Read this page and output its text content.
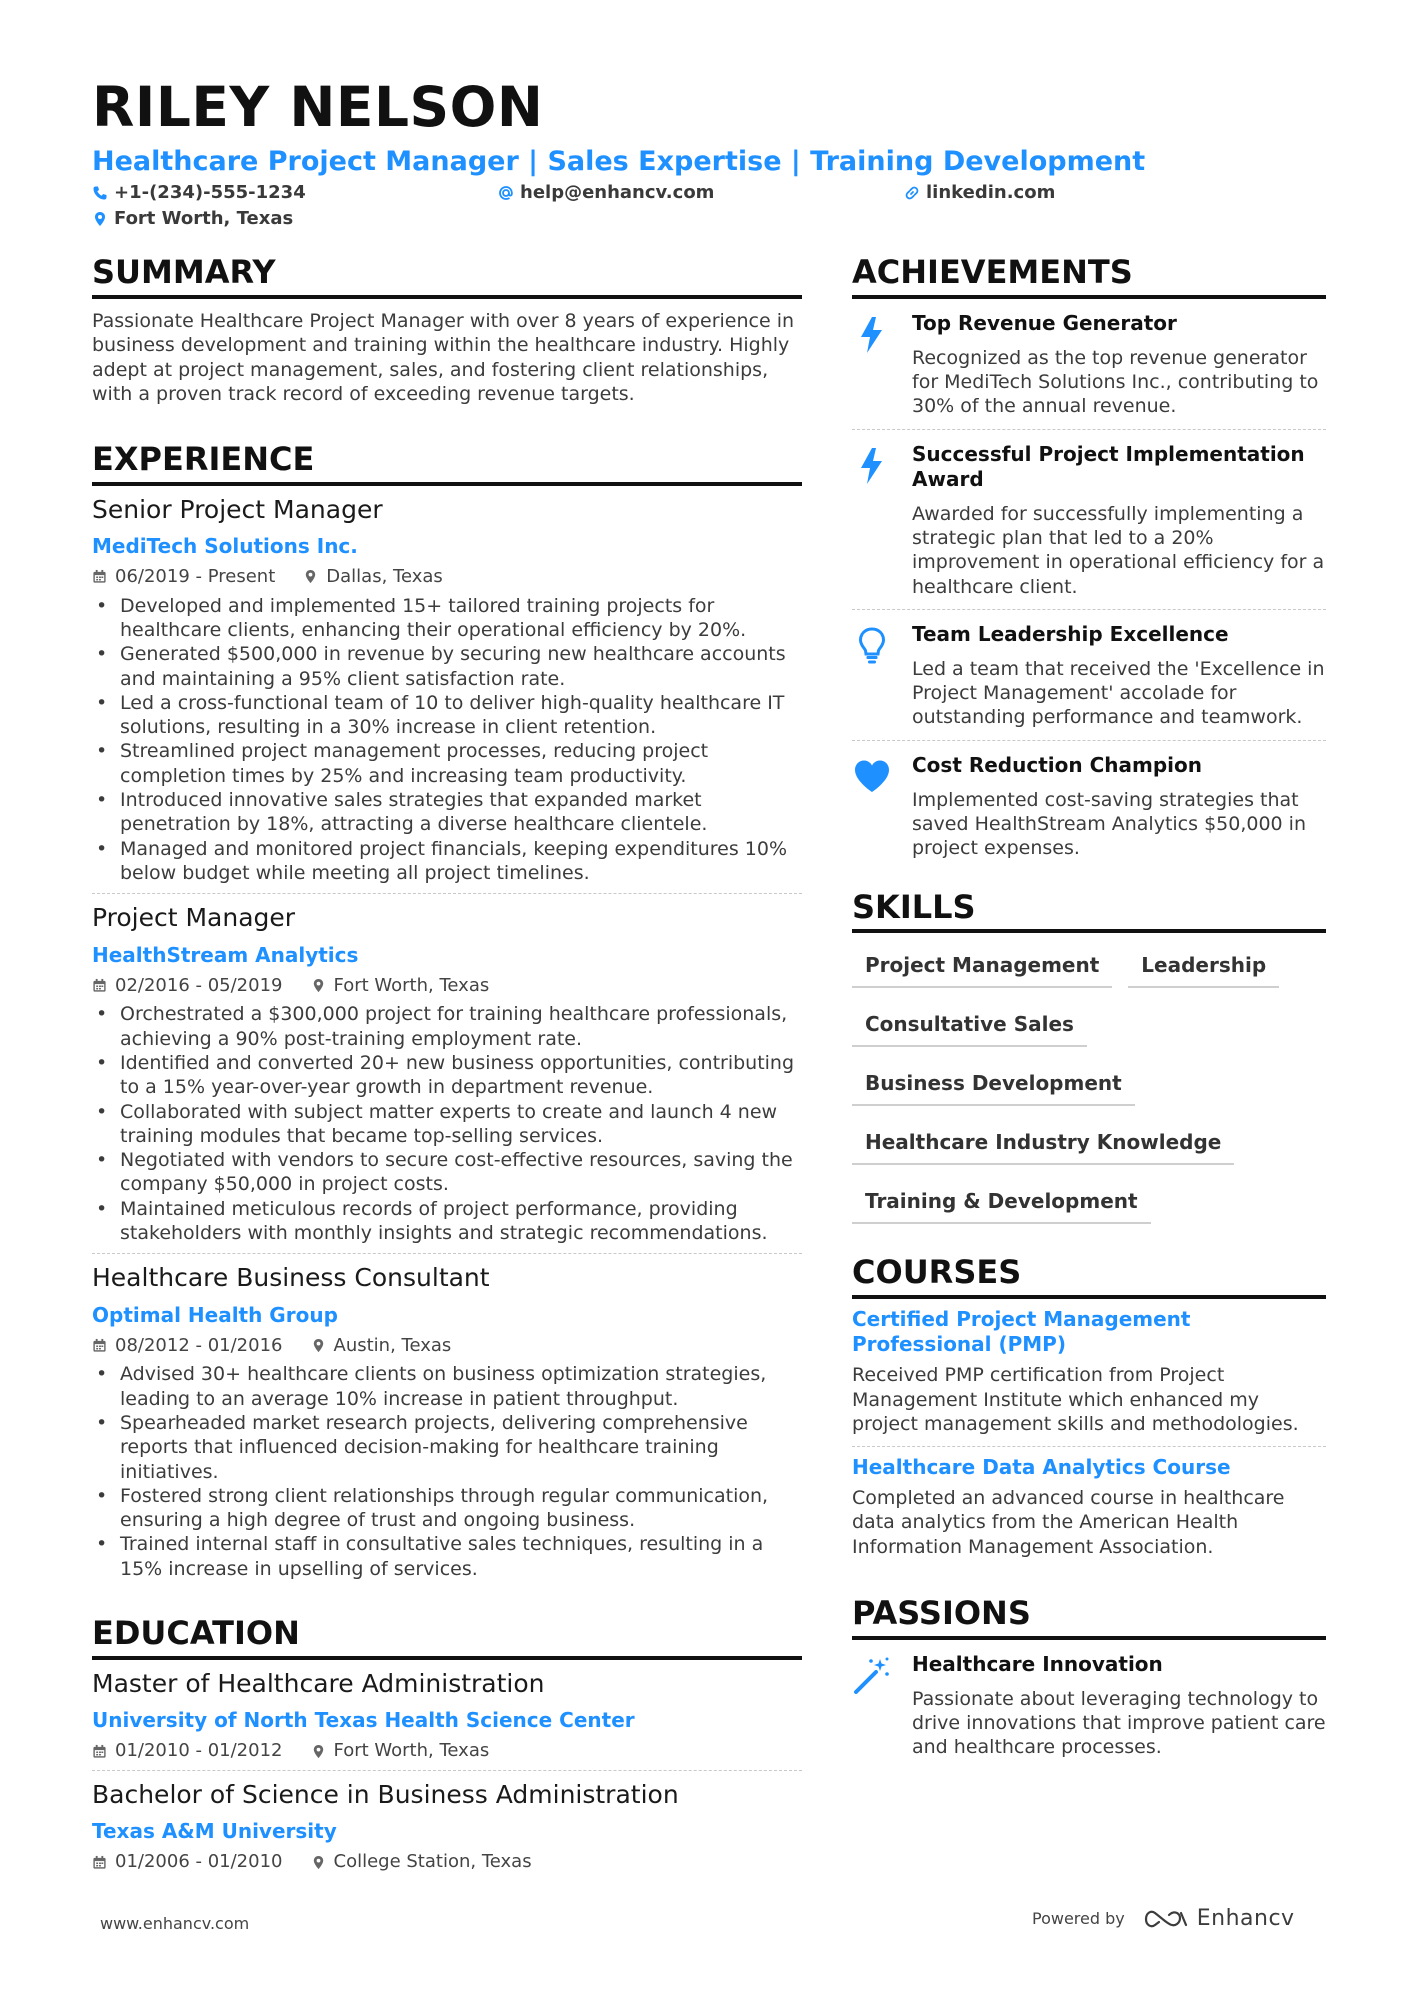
RILEY NELSON
Healthcare Project Manager | Sales Expertise | Training Development
+1-(234)-555-1234	help@enhancv.com	linkedin.com
Fort Worth, Texas
SUMMARY
Passionate Healthcare Project Manager with over 8 years of experience in business development and training within the healthcare industry. Highly adept at project management, sales, and fostering client relationships, with a proven track record of exceeding revenue targets.
EXPERIENCE
Senior Project Manager
MediTech Solutions Inc.
06/2019 - Present	Dallas, Texas
• Developed and implemented 15+ tailored training projects for healthcare clients, enhancing their operational efficiency by 20%.
• Generated $500,000 in revenue by securing new healthcare accounts and maintaining a 95% client satisfaction rate.
• Led a cross-functional team of 10 to deliver high-quality healthcare IT solutions, resulting in a 30% increase in client retention.
• Streamlined project management processes, reducing project completion times by 25% and increasing team productivity.
• Introduced innovative sales strategies that expanded market penetration by 18%, attracting a diverse healthcare clientele.
• Managed and monitored project financials, keeping expenditures 10% below budget while meeting all project timelines.
Project Manager
HealthStream Analytics
02/2016 - 05/2019	Fort Worth, Texas
• Orchestrated a $300,000 project for training healthcare professionals, achieving a 90% post-training employment rate.
• Identified and converted 20+ new business opportunities, contributing to a 15% year-over-year growth in department revenue.
• Collaborated with subject matter experts to create and launch 4 new training modules that became top-selling services.
• Negotiated with vendors to secure cost-effective resources, saving the company $50,000 in project costs.
• Maintained meticulous records of project performance, providing stakeholders with monthly insights and strategic recommendations.
Healthcare Business Consultant
Optimal Health Group
08/2012 - 01/2016	Austin, Texas
• Advised 30+ healthcare clients on business optimization strategies, leading to an average 10% increase in patient throughput.
• Spearheaded market research projects, delivering comprehensive reports that influenced decision-making for healthcare training initiatives.
• Fostered strong client relationships through regular communication, ensuring a high degree of trust and ongoing business.
• Trained internal staff in consultative sales techniques, resulting in a 15% increase in upselling of services.
EDUCATION
Master of Healthcare Administration
University of North Texas Health Science Center
01/2010 - 01/2012	Fort Worth, Texas
Bachelor of Science in Business Administration
Texas A&M University
01/2006 - 01/2010	College Station, Texas
ACHIEVEMENTS
Top Revenue Generator
Recognized as the top revenue generator for MediTech Solutions Inc., contributing to 30% of the annual revenue.
Successful Project Implementation Award
Awarded for successfully implementing a strategic plan that led to a 20% improvement in operational efficiency for a healthcare client.
Team Leadership Excellence
Led a team that received the 'Excellence in Project Management' accolade for outstanding performance and teamwork.
Cost Reduction Champion
Implemented cost-saving strategies that saved HealthStream Analytics $50,000 in project expenses.
SKILLS
Project Management	Leadership
Consultative Sales
Business Development
Healthcare Industry Knowledge
Training & Development
COURSES
Certified Project Management Professional (PMP)
Received PMP certification from Project Management Institute which enhanced my project management skills and methodologies.
Healthcare Data Analytics Course
Completed an advanced course in healthcare data analytics from the American Health Information Management Association.
PASSIONS
Healthcare Innovation
Passionate about leveraging technology to drive innovations that improve patient care and healthcare processes.
www.enhancv.com	Powered by	Enhancv
